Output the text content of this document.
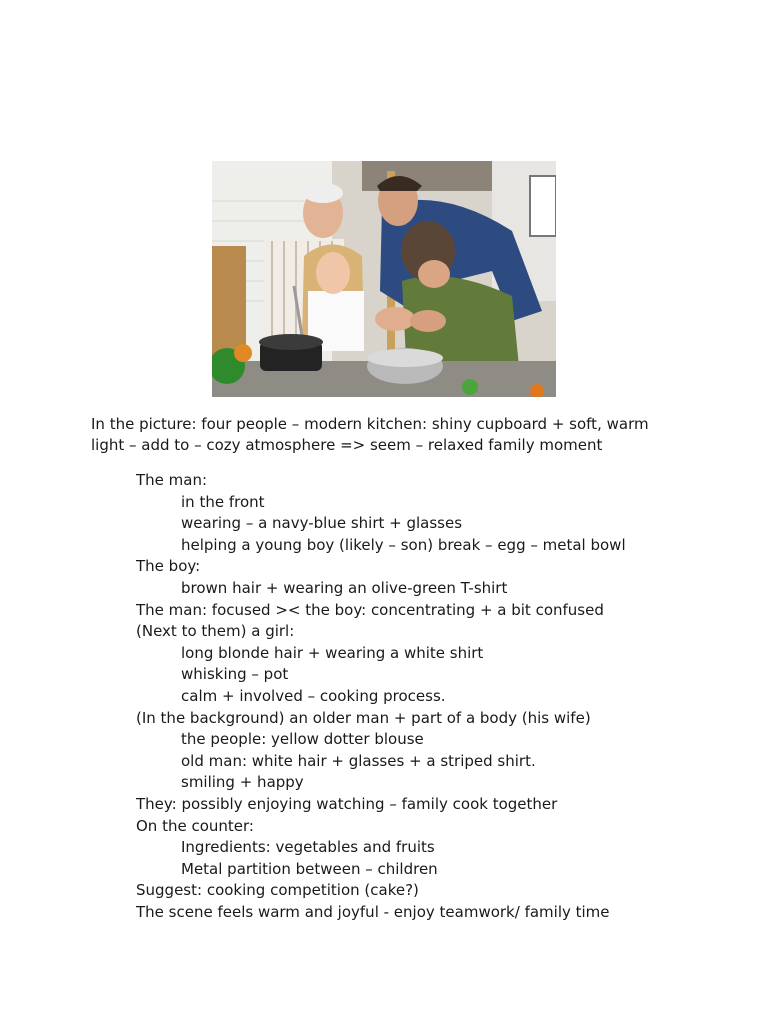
In the picture: four people – modern kitchen: shiny cupboard + soft, warm
light – add to – cozy atmosphere => seem – relaxed family moment

The man:
in the front
wearing – a navy-blue shirt + glasses
helping a young boy (likely – son) break – egg – metal bowl
The boy:
brown hair + wearing an olive-green T-shirt
The man: focused >< the boy: concentrating + a bit confused
(Next to them) a girl:
long blonde hair + wearing a white shirt
whisking – pot
calm + involved – cooking process.
(In the background) an older man + part of a body (his wife)
the people: yellow dotter blouse
old man: white hair + glasses + a striped shirt.
smiling + happy
They: possibly enjoying watching – family cook together
On the counter:
Ingredients: vegetables and fruits
Metal partition between – children
Suggest: cooking competition (cake?)
The scene feels warm and joyful - enjoy teamwork/ family time
